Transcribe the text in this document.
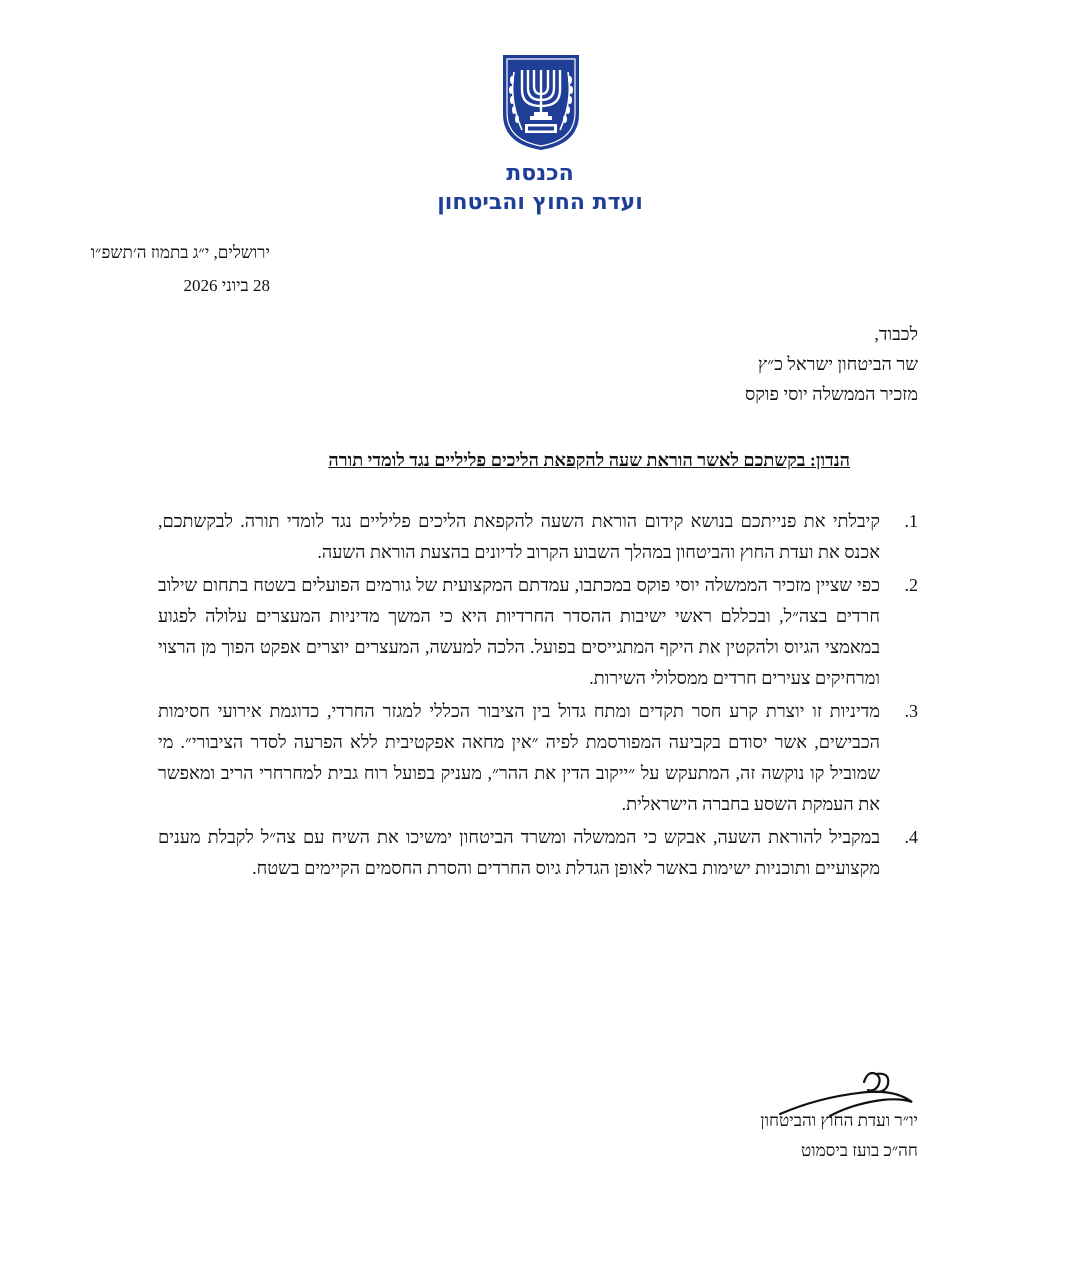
הכנסת
ועדת החוץ והביטחון
ירושלים, י״ג בתמוז ה׳תשפ״ו
28 ביוני 2026
לכבוד,
שר הביטחון ישראל כ״ץ
מזכיר הממשלה יוסי פוקס
הנדון: בקשתכם לאשר הוראת שעה להקפאת הליכים פליליים נגד לומדי תורה
1.
קיבלתי את פנייתכם בנושא קידום הוראת השעה להקפאת הליכים פליליים נגד לומדי תורה. לבקשתכם, אכנס את ועדת החוץ והביטחון במהלך השבוע הקרוב לדיונים בהצעת הוראת השעה.
2.
כפי שציין מזכיר הממשלה יוסי פוקס במכתבו, עמדתם המקצועית של גורמים הפועלים בשטח בתחום שילוב חרדים בצה״ל, ובכללם ראשי ישיבות ההסדר החרדיות היא כי המשך מדיניות המעצרים עלולה לפגוע במאמצי הגיוס ולהקטין את היקף המתגייסים בפועל. הלכה למעשה, המעצרים יוצרים אפקט הפוך מן הרצוי ומרחיקים צעירים חרדים ממסלולי השירות.
3.
מדיניות זו יוצרת קרע חסר תקדים ומתח גדול בין הציבור הכללי למגזר החרדי, כדוגמת אירועי חסימות הכבישים, אשר יסודם בקביעה המפורסמת לפיה ״אין מחאה אפקטיבית ללא הפרעה לסדר הציבורי״. מי שמוביל קו נוקשה זה, המתעקש על ״ייקוב הדין את ההר״, מעניק בפועל רוח גבית למחרחרי הריב ומאפשר את העמקת השסע בחברה הישראלית.
4.
במקביל להוראת השעה, אבקש כי הממשלה ומשרד הביטחון ימשיכו את השיח עם צה״ל לקבלת מענים מקצועיים ותוכניות ישימות באשר לאופן הגדלת גיוס החרדים והסרת החסמים הקיימים בשטח.
יו״ר ועדת החוץ והביטחון
חה״כ בועז ביסמוט
